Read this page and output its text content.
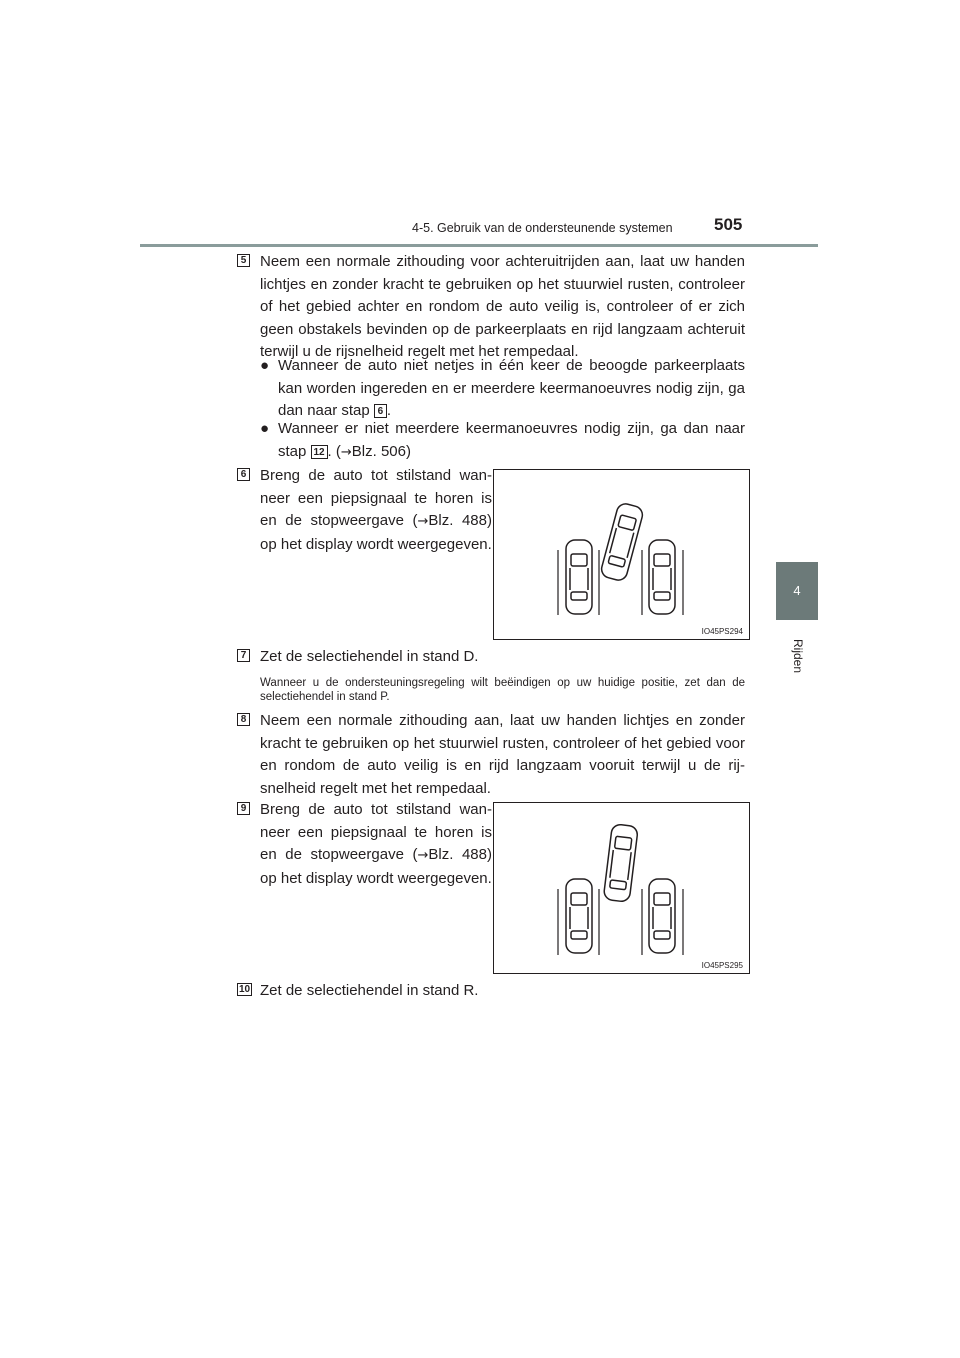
4-5. Gebruik van de ondersteunende systemen	505
4
Rijden
5 Neem een normale zithouding voor achteruitrijden aan, laat uw handen lichtjes en zonder kracht te gebruiken op het stuurwiel rusten, controleer of het gebied achter en rondom de auto veilig is, controleer of er zich geen obstakels bevinden op de parkeerplaats en rijd langzaam achteruit terwijl u de rijsnelheid regelt met het rempedaal.
● Wanneer de auto niet netjes in één keer de beoogde parkeerplaats kan worden ingereden en er meerdere keermanoeuvres nodig zijn, ga dan naar stap 6 .
● Wanneer er niet meerdere keermanoeuvres nodig zijn, ga dan naar stap 12 . (→Blz. 506)
6 Breng de auto tot stilstand wanneer een piepsignaal te horen is en de stopweergave (→Blz. 488) op het display wordt weergegeven.
IO45PS294
7 Zet de selectiehendel in stand D.
Wanneer u de ondersteuningsregeling wilt beëindigen op uw huidige positie, zet dan de selectiehendel in stand P.
8 Neem een normale zithouding aan, laat uw handen lichtjes en zonder kracht te gebruiken op het stuurwiel rusten, controleer of het gebied voor en rondom de auto veilig is en rijd langzaam vooruit terwijl u de rijsnelheid regelt met het rempedaal.
9 Breng de auto tot stilstand wanneer een piepsignaal te horen is en de stopweergave (→Blz. 488) op het display wordt weergegeven.
IO45PS295
10 Zet de selectiehendel in stand R.
